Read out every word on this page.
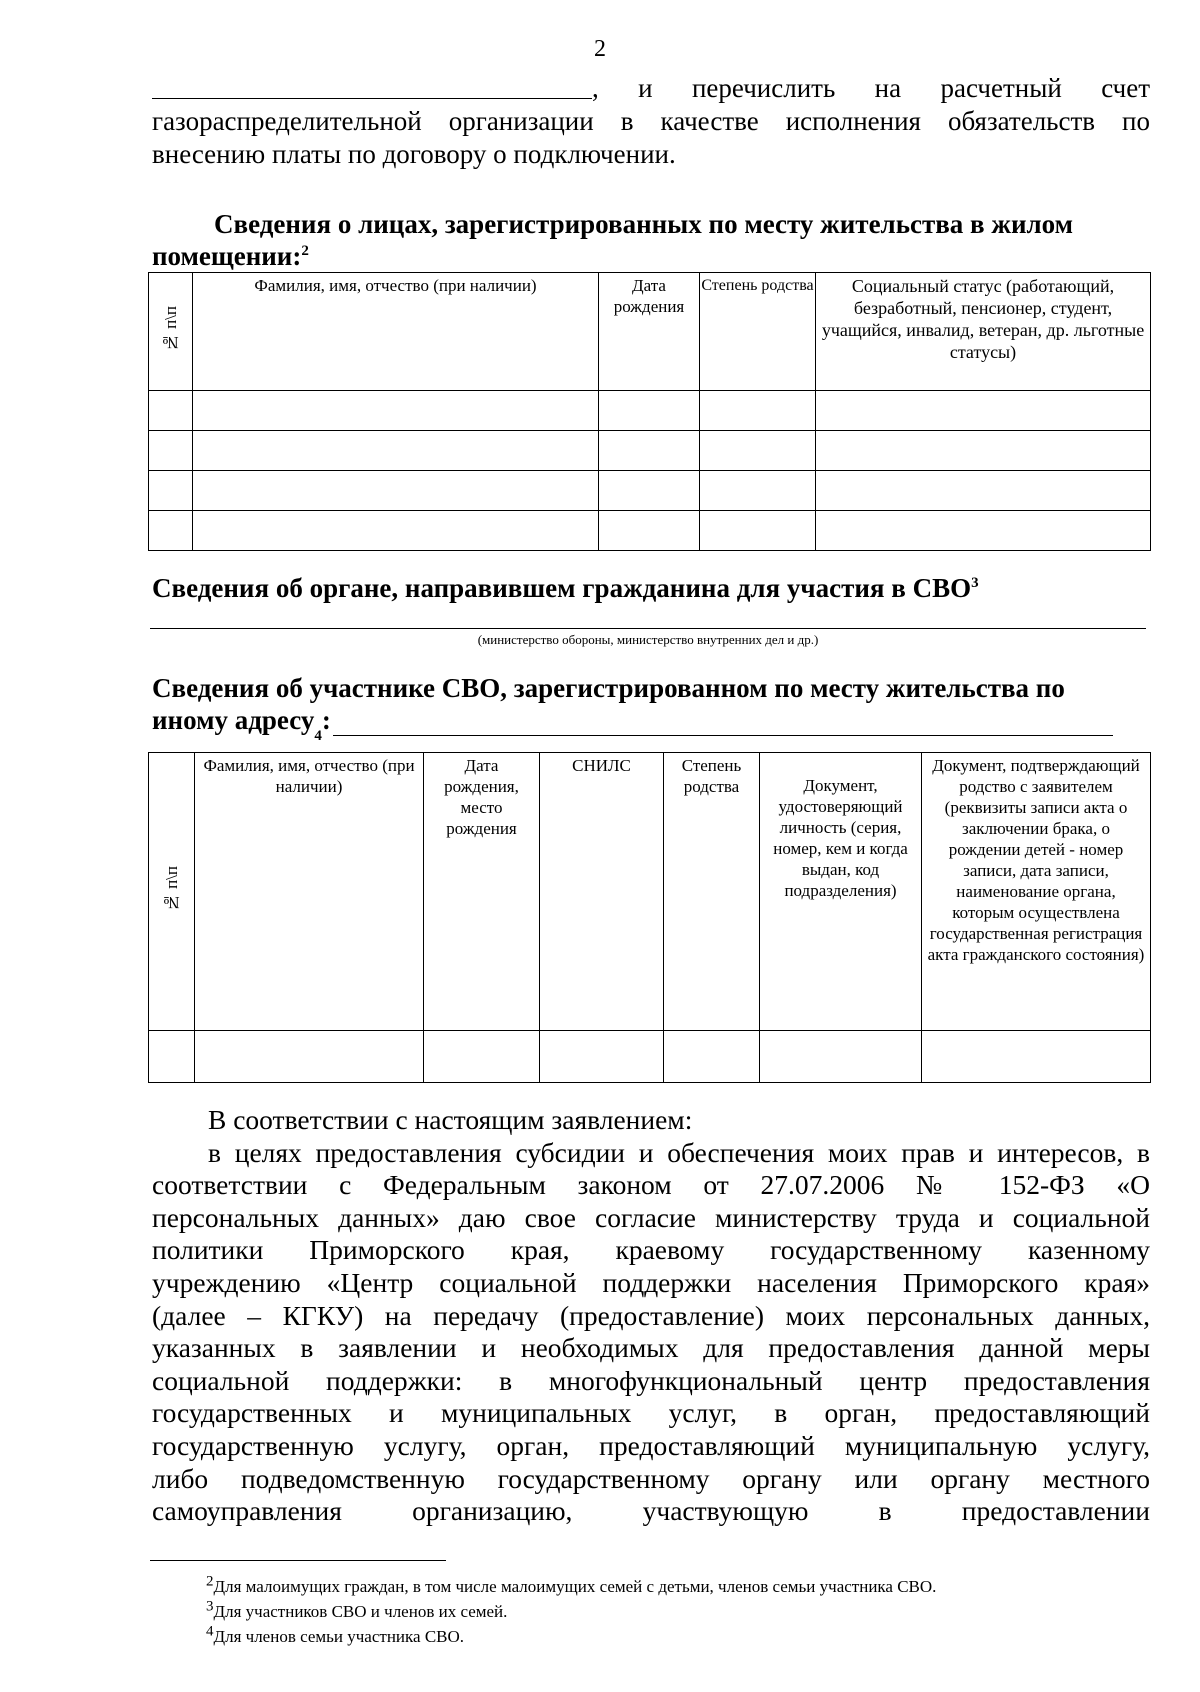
2
,   и   перечислить   на   расчетный   счет
газораспределительной организации в качестве исполнения обязательств по
внесению платы по договору о подключении.
Сведения о лицах, зарегистрированных по месту жительства в жилом
помещении:$^2$
№ п\п	Фамилия, имя, отчество (при наличии)	Дата рождения	Степень родства	Социальный статус (работающий, безработный, пенсионер, студент, учащийся, инвалид, ветеран, др. льготные статусы)

Сведения об органе, направившем гражданина для участия в СВО$^3$
(министерство обороны, министерство внутренних дел и др.)
Сведения об участнике СВО, зарегистрированном по месту жительства по
иному адресу
4
:
№ п\п	Фамилия, имя, отчество (при наличии)	Дата рождения, место рождения	СНИЛС	Степень родства	Документ, удостоверяющий личность (серия, номер, кем и когда выдан, код подразделения)	Документ, подтверждающий родство с заявителем (реквизиты записи акта о заключении брака, о рождении детей - номер записи, дата записи, наименование органа, которым осуществлена государственная регистрация акта гражданского состояния)

В соответствии с настоящим заявлением:
в целях предоставления субсидии и обеспечения моих прав и интересов, в
соответствии с Федеральным законом от 27.07.2006 № 152-ФЗ «О
персональных данных» даю свое согласие министерству труда и социальной
политики Приморского края, краевому государственному казенному
учреждению «Центр социальной поддержки населения Приморского края»
(далее – КГКУ) на передачу (предоставление) моих персональных данных,
указанных в заявлении и необходимых для предоставления данной меры
социальной поддержки: в многофункциональный центр предоставления
государственных и муниципальных услуг, в орган, предоставляющий
государственную услугу, орган, предоставляющий муниципальную услугу,
либо подведомственную государственному органу или органу местного
самоуправления организацию, участвующую в предоставлении
$^2$Для малоимущих граждан, в том числе малоимущих семей с детьми, членов семьи участника СВО.
$^3$Для участников СВО и членов их семей.
$^4$Для членов семьи участника СВО.
